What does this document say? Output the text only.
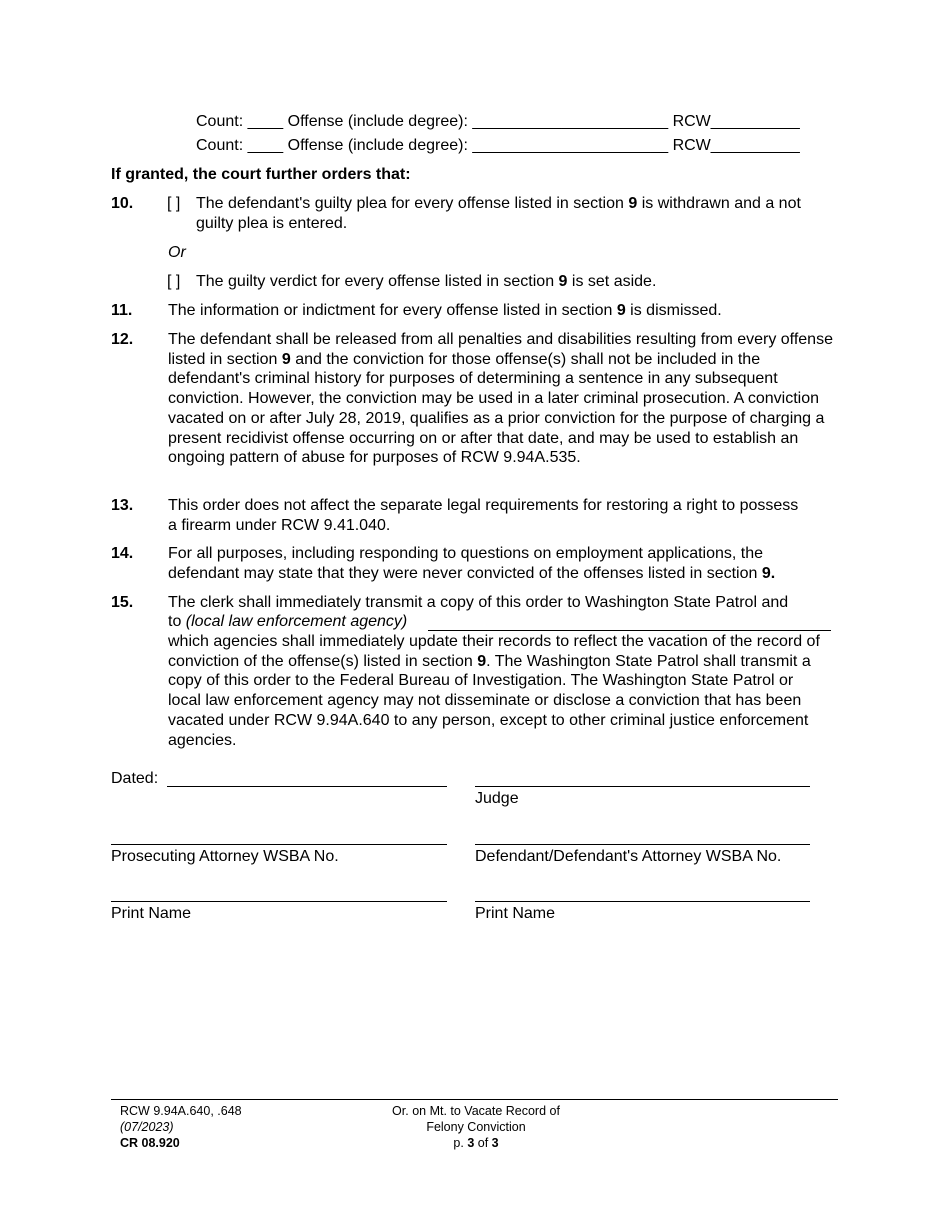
Count: ____ Offense (include degree): ______________________ RCW__________
Count: ____ Offense (include degree): ______________________ RCW__________
If granted, the court further orders that:
10. [ ] The defendant's guilty plea for every offense listed in section 9 is withdrawn and a not guilty plea is entered.
Or
[ ] The guilty verdict for every offense listed in section 9 is set aside.
11. The information or indictment for every offense listed in section 9 is dismissed.
12. The defendant shall be released from all penalties and disabilities resulting from every offense listed in section 9 and the conviction for those offense(s) shall not be included in the defendant's criminal history for purposes of determining a sentence in any subsequent conviction. However, the conviction may be used in a later criminal prosecution. A conviction vacated on or after July 28, 2019, qualifies as a prior conviction for the purpose of charging a present recidivist offense occurring on or after that date, and may be used to establish an ongoing pattern of abuse for purposes of RCW 9.94A.535.
13. This order does not affect the separate legal requirements for restoring a right to possess a firearm under RCW 9.41.040.
14. For all purposes, including responding to questions on employment applications, the defendant may state that they were never convicted of the offenses listed in section 9.
15. The clerk shall immediately transmit a copy of this order to Washington State Patrol and
to (local law enforcement agency)
which agencies shall immediately update their records to reflect the vacation of the record of conviction of the offense(s) listed in section 9. The Washington State Patrol shall transmit a copy of this order to the Federal Bureau of Investigation. The Washington State Patrol or local law enforcement agency may not disseminate or disclose a conviction that has been vacated under RCW 9.94A.640 to any person, except to other criminal justice enforcement agencies.
Dated:
Judge
Prosecuting Attorney WSBA No.	Defendant/Defendant's Attorney WSBA No.
Print Name	Print Name
RCW 9.94A.640, .648
(07/2023)
CR 08.920
Or. on Mt. to Vacate Record of
Felony Conviction
p. 3 of 3
